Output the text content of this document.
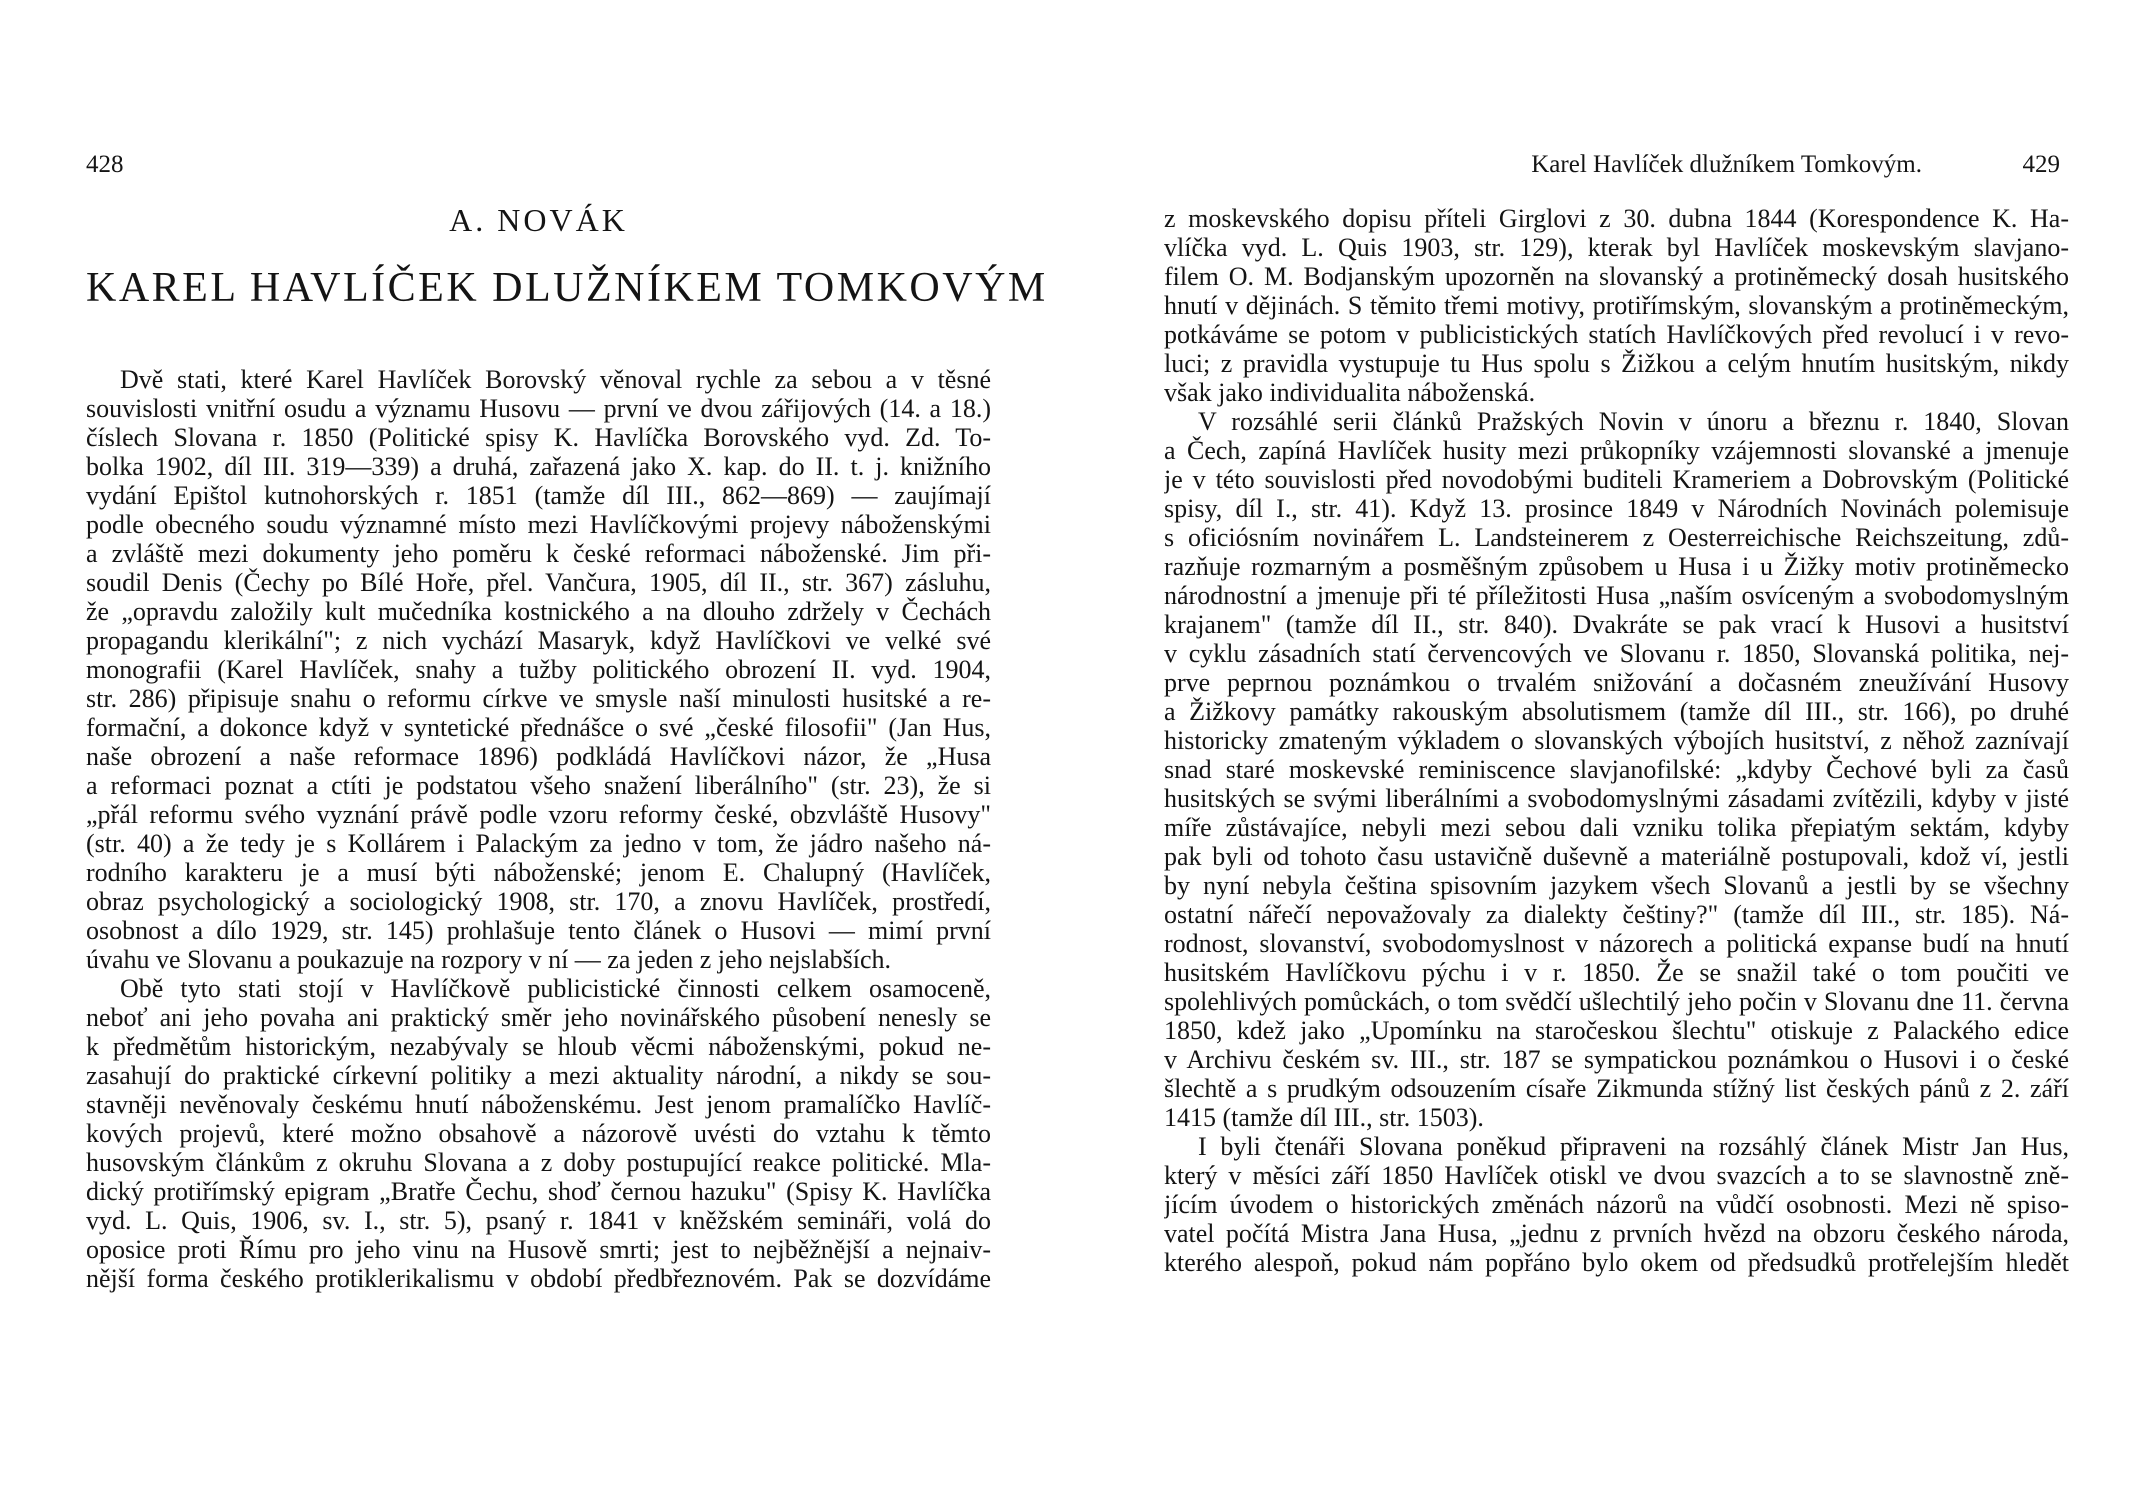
428
A. NOVÁK
KAREL HAVLÍČEK DLUŽNÍKEM TOMKOVÝM
Dvě stati, které Karel Havlíček Borovský věnoval rychle za sebou a v těsné
souvislosti vnitřní osudu a významu Husovu — první ve dvou zářijových (14. a 18.)
číslech Slovana r. 1850 (Politické spisy K. Havlíčka Borovského vyd. Zd. To-
bolka 1902, díl III. 319—339) a druhá, zařazená jako X. kap. do II. t. j. knižního
vydání Epištol kutnohorských r. 1851 (tamže díl III., 862—869) — zaujímají
podle obecného soudu významné místo mezi Havlíčkovými projevy náboženskými
a zvláště mezi dokumenty jeho poměru k české reformaci náboženské. Jim při-
soudil Denis (Čechy po Bílé Hoře, přel. Vančura, 1905, díl II., str. 367) zásluhu,
že „opravdu založily kult mučedníka kostnického a na dlouho zdržely v Čechách
propagandu klerikální"; z nich vychází Masaryk, když Havlíčkovi ve velké své
monografii (Karel Havlíček, snahy a tužby politického obrození II. vyd. 1904,
str. 286) připisuje snahu o reformu církve ve smysle naší minulosti husitské a re-
formační, a dokonce když v syntetické přednášce o své „české filosofii" (Jan Hus,
naše obrození a naše reformace 1896) podkládá Havlíčkovi názor, že „Husa
a reformaci poznat a ctíti je podstatou všeho snažení liberálního" (str. 23), že si
„přál reformu svého vyznání právě podle vzoru reformy české, obzvláště Husovy"
(str. 40) a že tedy je s Kollárem i Palackým za jedno v tom, že jádro našeho ná-
rodního karakteru je a musí býti náboženské; jenom E. Chalupný (Havlíček,
obraz psychologický a sociologický 1908, str. 170, a znovu Havlíček, prostředí,
osobnost a dílo 1929, str. 145) prohlašuje tento článek o Husovi — mimí první
úvahu ve Slovanu a poukazuje na rozpory v ní — za jeden z jeho nejslabších.
Obě tyto stati stojí v Havlíčkově publicistické činnosti celkem osamoceně,
neboť ani jeho povaha ani praktický směr jeho novinářského působení nenesly se
k předmětům historickým, nezabývaly se hloub věcmi náboženskými, pokud ne-
zasahují do praktické církevní politiky a mezi aktuality národní, a nikdy se sou-
stavněji nevěnovaly českému hnutí náboženskému. Jest jenom pramalíčko Havlíč-
kových projevů, které možno obsahově a názorově uvésti do vztahu k těmto
husovským článkům z okruhu Slovana a z doby postupující reakce politické. Mla-
dický protiřímský epigram „Bratře Čechu, shoď černou hazuku" (Spisy K. Havlíčka
vyd. L. Quis, 1906, sv. I., str. 5), psaný r. 1841 v kněžském semináři, volá do
oposice proti Římu pro jeho vinu na Husově smrti; jest to nejběžnější a nejnaiv-
nější forma českého protiklerikalismu v období předbřeznovém. Pak se dozvídáme
Karel Havlíček dlužníkem Tomkovým.	429
z moskevského dopisu příteli Girglovi z 30. dubna 1844 (Korespondence K. Ha-
vlíčka vyd. L. Quis 1903, str. 129), kterak byl Havlíček moskevským slavjano-
filem O. M. Bodjanským upozorněn na slovanský a protiněmecký dosah husitského
hnutí v dějinách. S těmito třemi motivy, protiřímským, slovanským a protiněmeckým,
potkáváme se potom v publicistických statích Havlíčkových před revolucí i v revo-
luci; z pravidla vystupuje tu Hus spolu s Žižkou a celým hnutím husitským, nikdy
však jako individualita náboženská.
V rozsáhlé serii článků Pražských Novin v únoru a březnu r. 1840, Slovan
a Čech, zapíná Havlíček husity mezi průkopníky vzájemnosti slovanské a jmenuje
je v této souvislosti před novodobými buditeli Krameriem a Dobrovským (Politické
spisy, díl I., str. 41). Když 13. prosince 1849 v Národních Novinách polemisuje
s oficiósním novinářem L. Landsteinerem z Oesterreichische Reichszeitung, zdů-
razňuje rozmarným a posměšným způsobem u Husa i u Žižky motiv protiněmecko
národnostní a jmenuje při té příležitosti Husa „naším osvíceným a svobodomyslným
krajanem" (tamže díl II., str. 840). Dvakráte se pak vrací k Husovi a husitství
v cyklu zásadních statí červencových ve Slovanu r. 1850, Slovanská politika, nej-
prve peprnou poznámkou o trvalém snižování a dočasném zneužívání Husovy
a Žižkovy památky rakouským absolutismem (tamže díl III., str. 166), po druhé
historicky zmateným výkladem o slovanských výbojích husitství, z něhož zaznívají
snad staré moskevské reminiscence slavjanofilské: „kdyby Čechové byli za časů
husitských se svými liberálními a svobodomyslnými zásadami zvítězili, kdyby v jisté
míře zůstávajíce, nebyli mezi sebou dali vzniku tolika přepiatým sektám, kdyby
pak byli od tohoto času ustavičně duševně a materiálně postupovali, kdož ví, jestli
by nyní nebyla čeština spisovním jazykem všech Slovanů a jestli by se všechny
ostatní nářečí nepovažovaly za dialekty češtiny?" (tamže díl III., str. 185). Ná-
rodnost, slovanství, svobodomyslnost v názorech a politická expanse budí na hnutí
husitském Havlíčkovu pýchu i v r. 1850. Že se snažil také o tom poučiti ve
spolehlivých pomůckách, o tom svědčí ušlechtilý jeho počin v Slovanu dne 11. června
1850, kdež jako „Upomínku na staročeskou šlechtu" otiskuje z Palackého edice
v Archivu českém sv. III., str. 187 se sympatickou poznámkou o Husovi i o české
šlechtě a s prudkým odsouzením císaře Zikmunda stížný list českých pánů z 2. září
1415 (tamže díl III., str. 1503).
I byli čtenáři Slovana poněkud připraveni na rozsáhlý článek Mistr Jan Hus,
který v měsíci září 1850 Havlíček otiskl ve dvou svazcích a to se slavnostně zně-
jícím úvodem o historických změnách názorů na vůdčí osobnosti. Mezi ně spiso-
vatel počítá Mistra Jana Husa, „jednu z prvních hvězd na obzoru českého národa,
kterého alespoň, pokud nám popřáno bylo okem od předsudků protřelejším hledět
